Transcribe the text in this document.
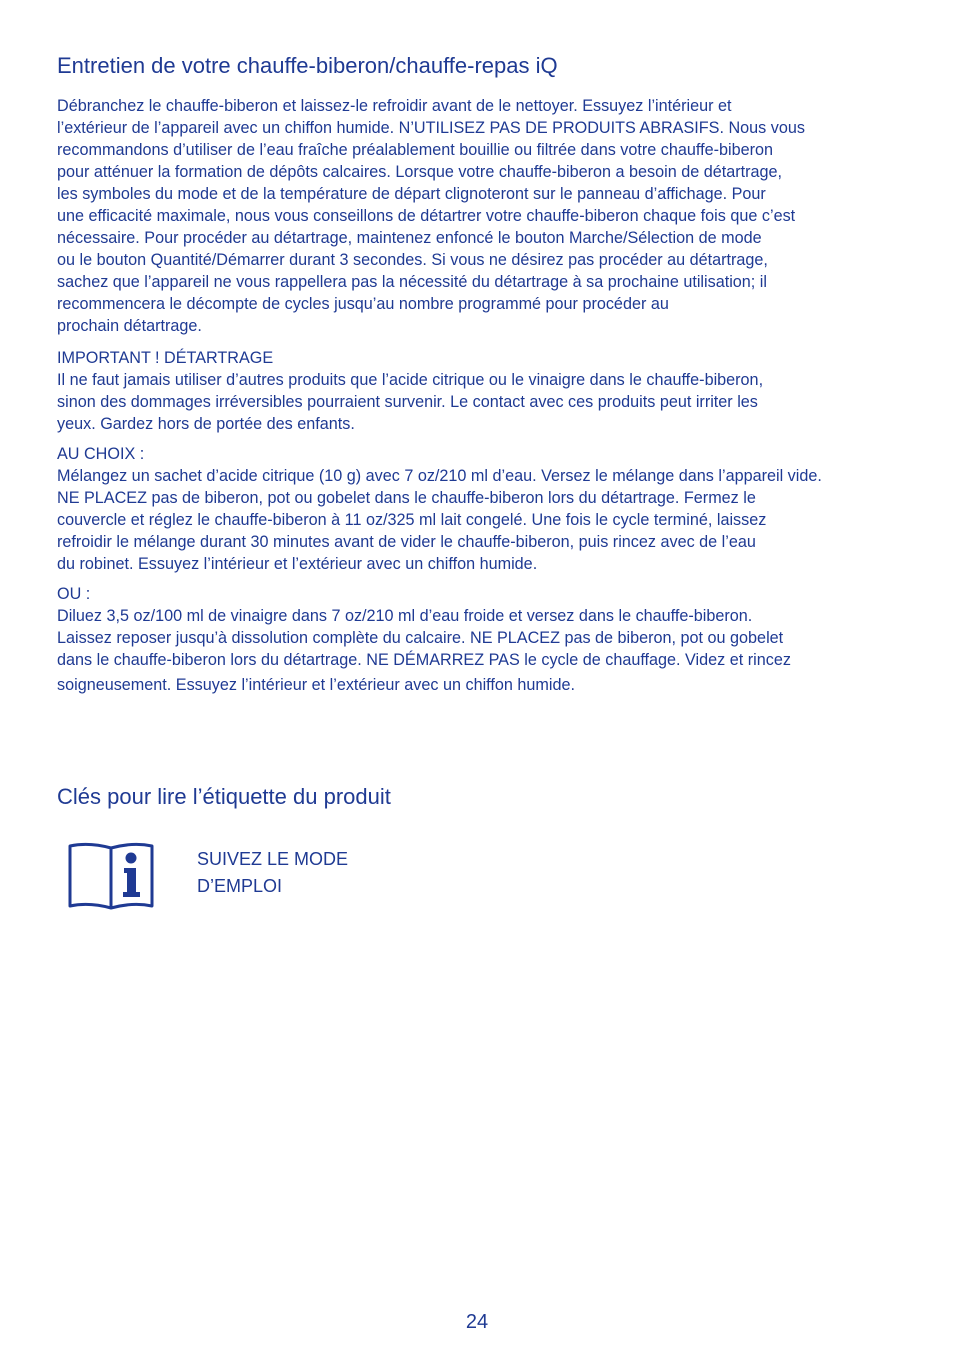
Entretien de votre chauffe-biberon/chauffe-repas iQ

Débranchez le chauffe-biberon et laissez-le refroidir avant de le nettoyer. Essuyez l’intérieur et
l’extérieur de l’appareil avec un chiffon humide. N’UTILISEZ PAS DE PRODUITS ABRASIFS. Nous vous
recommandons d’utiliser de l’eau fraîche préalablement bouillie ou filtrée dans votre chauffe-biberon
pour atténuer la formation de dépôts calcaires. Lorsque votre chauffe-biberon a besoin de détartrage,
les symboles du mode et de la température de départ clignoteront sur le panneau d’affichage. Pour
une efficacité maximale, nous vous conseillons de détartrer votre chauffe-biberon chaque fois que c’est
nécessaire. Pour procéder au détartrage, maintenez enfoncé le bouton Marche/Sélection de mode
ou le bouton Quantité/Démarrer durant 3 secondes. Si vous ne désirez pas procéder au détartrage,
sachez que l’appareil ne vous rappellera pas la nécessité du détartrage à sa prochaine utilisation; il
recommencera le décompte de cycles jusqu’au nombre programmé pour procéder au
prochain détartrage.

IMPORTANT ! DÉTARTRAGE
Il ne faut jamais utiliser d’autres produits que l’acide citrique ou le vinaigre dans le chauffe-biberon,
sinon des dommages irréversibles pourraient survenir. Le contact avec ces produits peut irriter les
yeux. Gardez hors de portée des enfants.

AU CHOIX :
Mélangez un sachet d’acide citrique (10 g) avec 7 oz/210 ml d’eau. Versez le mélange dans l’appareil vide.
NE PLACEZ pas de biberon, pot ou gobelet dans le chauffe-biberon lors du détartrage. Fermez le
couvercle et réglez le chauffe-biberon à 11 oz/325 ml lait congelé. Une fois le cycle terminé, laissez
refroidir le mélange durant 30 minutes avant de vider le chauffe-biberon, puis rincez avec de l’eau
du robinet. Essuyez l’intérieur et l’extérieur avec un chiffon humide.

OU :
Diluez 3,5 oz/100 ml de vinaigre dans 7 oz/210 ml d’eau froide et versez dans le chauffe-biberon.
Laissez reposer jusqu’à dissolution complète du calcaire. NE PLACEZ pas de biberon, pot ou gobelet
dans le chauffe-biberon lors du détartrage. NE DÉMARREZ PAS le cycle de chauffage. Videz et rincez
soigneusement. Essuyez l’intérieur et l’extérieur avec un chiffon humide.

Clés pour lire l’étiquette du produit
SUIVEZ LE MODE
D’EMPLOI
24
